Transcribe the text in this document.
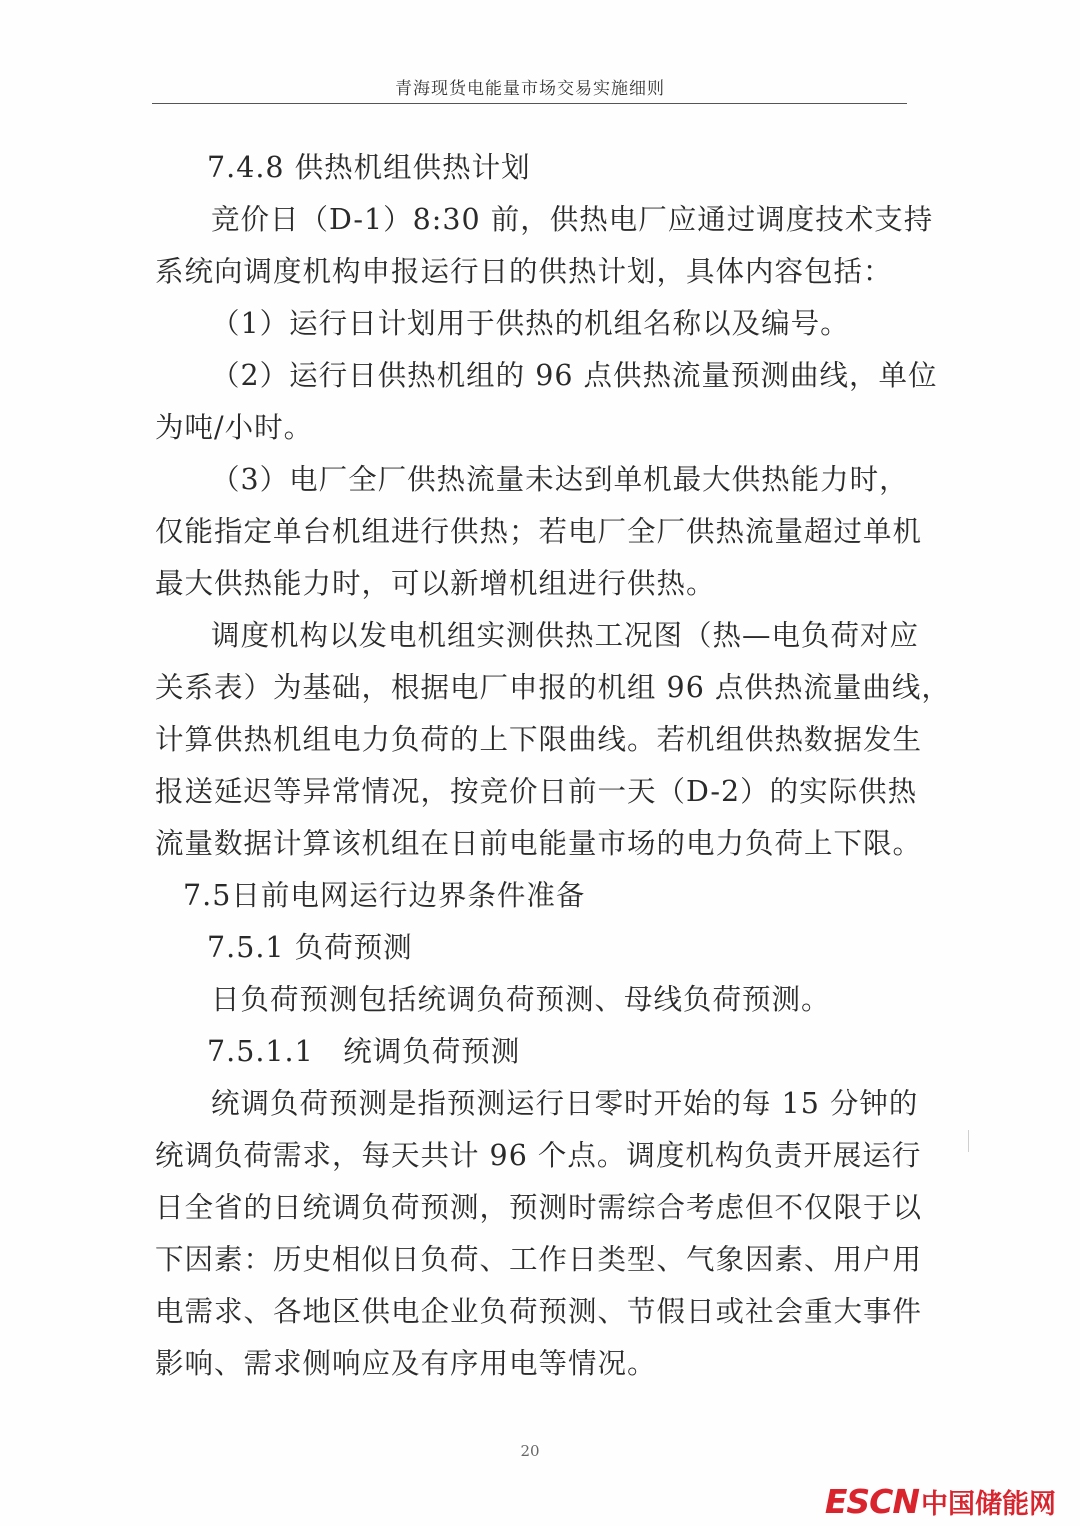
青海现货电能量市场交易实施细则
7.4.8 供热机组供热计划
竞价日（D-1）8:30 前，供热电厂应通过调度技术支持
系统向调度机构申报运行日的供热计划，具体内容包括：
（1）运行日计划用于供热的机组名称以及编号。
（2）运行日供热机组的 96 点供热流量预测曲线，单位
为吨/小时。
（3）电厂全厂供热流量未达到单机最大供热能力时，
仅能指定单台机组进行供热；若电厂全厂供热流量超过单机
最大供热能力时，可以新增机组进行供热。
调度机构以发电机组实测供热工况图（热—电负荷对应
关系表）为基础，根据电厂申报的机组 96 点供热流量曲线，
计算供热机组电力负荷的上下限曲线。若机组供热数据发生
报送延迟等异常情况，按竞价日前一天（D-2）的实际供热
流量数据计算该机组在日前电能量市场的电力负荷上下限。
7.5日前电网运行边界条件准备
7.5.1 负荷预测
日负荷预测包括统调负荷预测、母线负荷预测。
7.5.1.1　统调负荷预测
统调负荷预测是指预测运行日零时开始的每 15 分钟的
统调负荷需求，每天共计 96 个点。调度机构负责开展运行
日全省的日统调负荷预测，预测时需综合考虑但不仅限于以
下因素：历史相似日负荷、工作日类型、气象因素、用户用
电需求、各地区供电企业负荷预测、节假日或社会重大事件
影响、需求侧响应及有序用电等情况。
20
ESCN 中国储能网
